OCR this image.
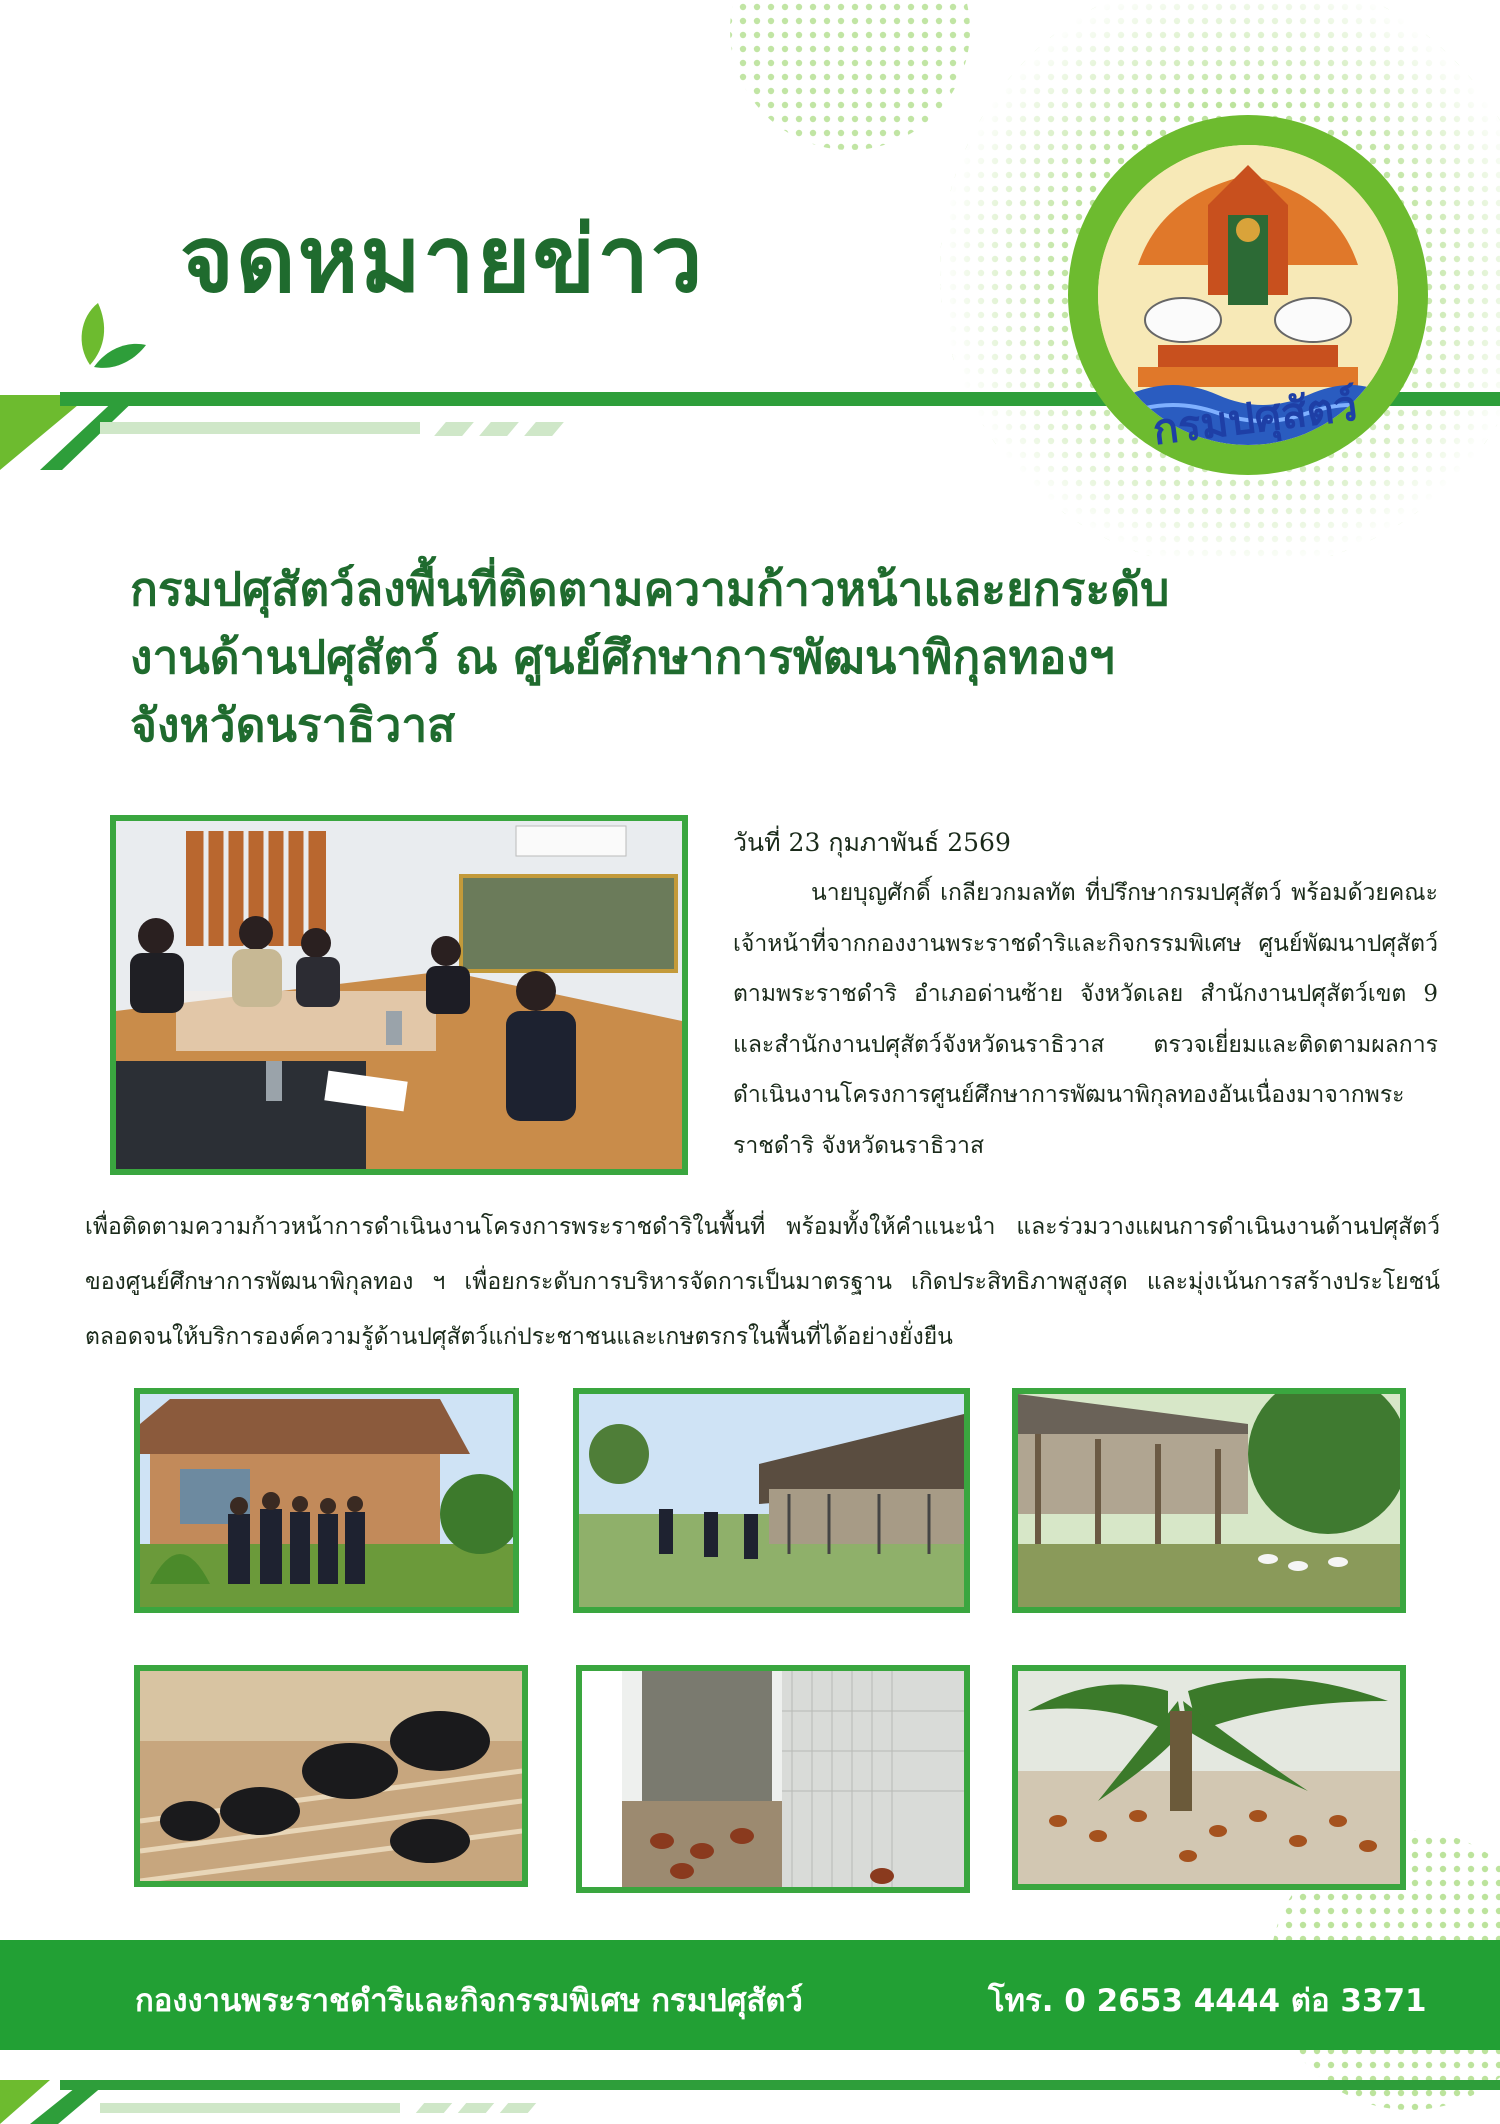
จดหมายข่าว
กรมปศุสัตว์
กรมปศุสัตว์ลงพื้นที่ติดตามความก้าวหน้าและยกระดับ
งานด้านปศุสัตว์ ณ ศูนย์ศึกษาการพัฒนาพิกุลทองฯ
จังหวัดนราธิวาส
วันที่ 23 กุมภาพันธ์ 2569

นายบุญศักดิ์ เกลียวกมลทัต ที่ปรึกษากรมปศุสัตว์ พร้อมด้วยคณะเจ้าหน้าที่จากกองงานพระราชดำริและกิจกรรมพิเศษ ศูนย์พัฒนาปศุสัตว์ตามพระราชดำริ อำเภอด่านซ้าย จังหวัดเลย สำนักงานปศุสัตว์เขต 9 และสำนักงานปศุสัตว์จังหวัดนราธิวาส ตรวจเยี่ยมและติดตามผลการดำเนินงานโครงการศูนย์ศึกษาการพัฒนาพิกุลทองอันเนื่องมาจากพระราชดำริ จังหวัดนราธิวาส

เพื่อติดตามความก้าวหน้าการดำเนินงานโครงการพระราชดำริในพื้นที่ พร้อมทั้งให้คำแนะนำ และร่วมวางแผนการดำเนินงานด้านปศุสัตว์ของศูนย์ศึกษาการพัฒนาพิกุลทอง ฯ เพื่อยกระดับการบริหารจัดการเป็นมาตรฐาน เกิดประสิทธิภาพสูงสุด และมุ่งเน้นการสร้างประโยชน์ตลอดจนให้บริการองค์ความรู้ด้านปศุสัตว์แก่ประชาชนและเกษตรกรในพื้นที่ได้อย่างยั่งยืน

กองงานพระราชดำริและกิจกรรมพิเศษ กรมปศุสัตว์	โทร. 0 2653 4444 ต่อ 3371
